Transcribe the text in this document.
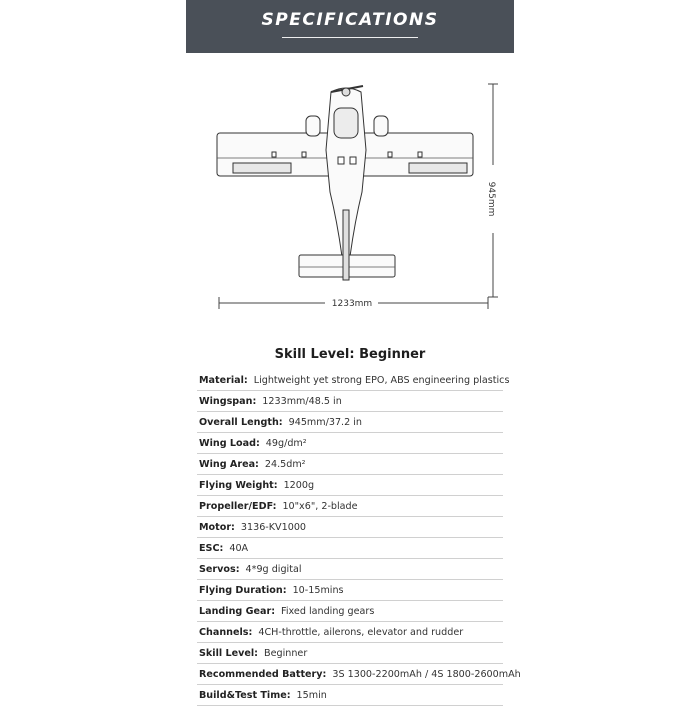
SPECIFICATIONS
945mm
1233mm
Skill Level: Beginner
Material: Lightweight yet strong EPO, ABS engineering plastics
Wingspan: 1233mm/48.5 in
Overall Length: 945mm/37.2 in
Wing Load: 49g/dm²
Wing Area: 24.5dm²
Flying Weight: 1200g
Propeller/EDF: 10"x6", 2-blade
Motor: 3136-KV1000
ESC: 40A
Servos: 4*9g digital
Flying Duration: 10-15mins
Landing Gear: Fixed landing gears
Channels: 4CH-throttle, ailerons, elevator and rudder
Skill Level: Beginner
Recommended Battery: 3S 1300-2200mAh / 4S 1800-2600mAh
Build&Test Time: 15min
